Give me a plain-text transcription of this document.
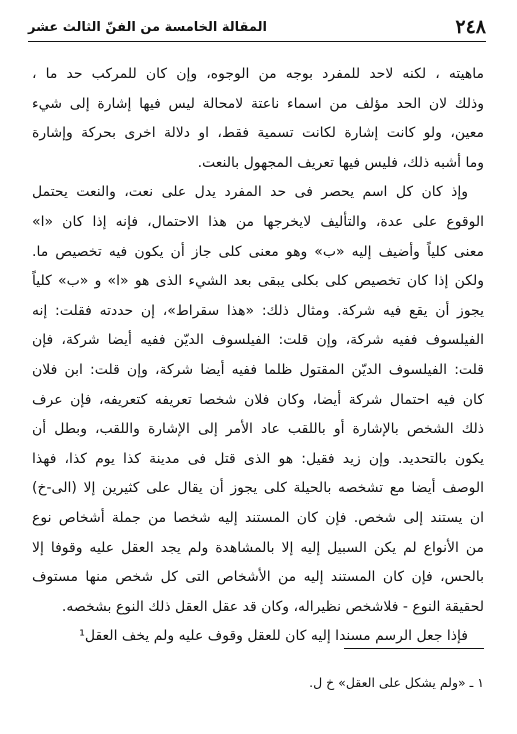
٢٤٨
المقالة الخامسة من الفنّ الثالث عشر
ماهيته ، لكنه لاحد للمفرد بوجه من الوجوه، وإن كان للمركب حد ما ،
وذلك لان الحد مؤلف من اسماء ناعتة لامحالة ليس فيها إشارة إلى شيء
معين، ولو كانت إشارة لكانت تسمية فقط، او دلالة اخرى بحركة وإشارة
وما أشبه ذلك، فليس فيها تعريف المجهول بالنعت.
وإذ كان كل اسم يحصر فى حد المفرد يدل على نعت، والنعت يحتمل
الوقوع على عدة، والتأليف لايخرجها من هذا الاحتمال، فإنه إذا كان «ا»
معنى كلياً وأضيف إليه «ب» وهو معنى كلى جاز أن يكون فيه تخصيص ما.
ولكن إذا كان تخصيص كلى بكلى يبقى بعد الشيء الذى هو «ا» و «ب» كلياً
يجوز أن يقع فيه شركة. ومثال ذلك: «هذا سقراط»، إن حددته فقلت: إنه
الفيلسوف ففيه شركة، وإن قلت: الفيلسوف الديّن ففيه أيضا شركة، فإن
قلت: الفيلسوف الديّن المقتول ظلما ففيه أيضا شركة، وإن قلت: ابن فلان
كان فيه احتمال شركة أيضا، وكان فلان شخصا تعريفه كتعريفه، فإن عرف
ذلك الشخص بالإشارة أو باللقب عاد الأمر إلى الإشارة واللقب، وبطل أن
يكون بالتحديد. وإن زيد فقيل: هو الذى قتل فى مدينة كذا يوم كذا، فهذا
الوصف أيضا مع تشخصه بالحيلة كلى يجوز أن يقال على كثيرين إلا (الى-خ)
ان يستند إلى شخص. فإن كان المستند إليه شخصا من جملة أشخاص نوع
من الأنواع لم يكن السبيل إليه إلا بالمشاهدة ولم يجد العقل عليه وقوفا إلا
بالحس، فإن كان المستند إليه من الأشخاص التى كل شخص منها مستوف
لحقيقة النوع - فلاشخص نظيراله، وكان قد عقل العقل ذلك النوع بشخصه.
فإذا جعل الرسم مسندا إليه كان للعقل وقوف عليه ولم يخف العقل¹
١ ـ «ولم يشكل على العقل» خ ل.
